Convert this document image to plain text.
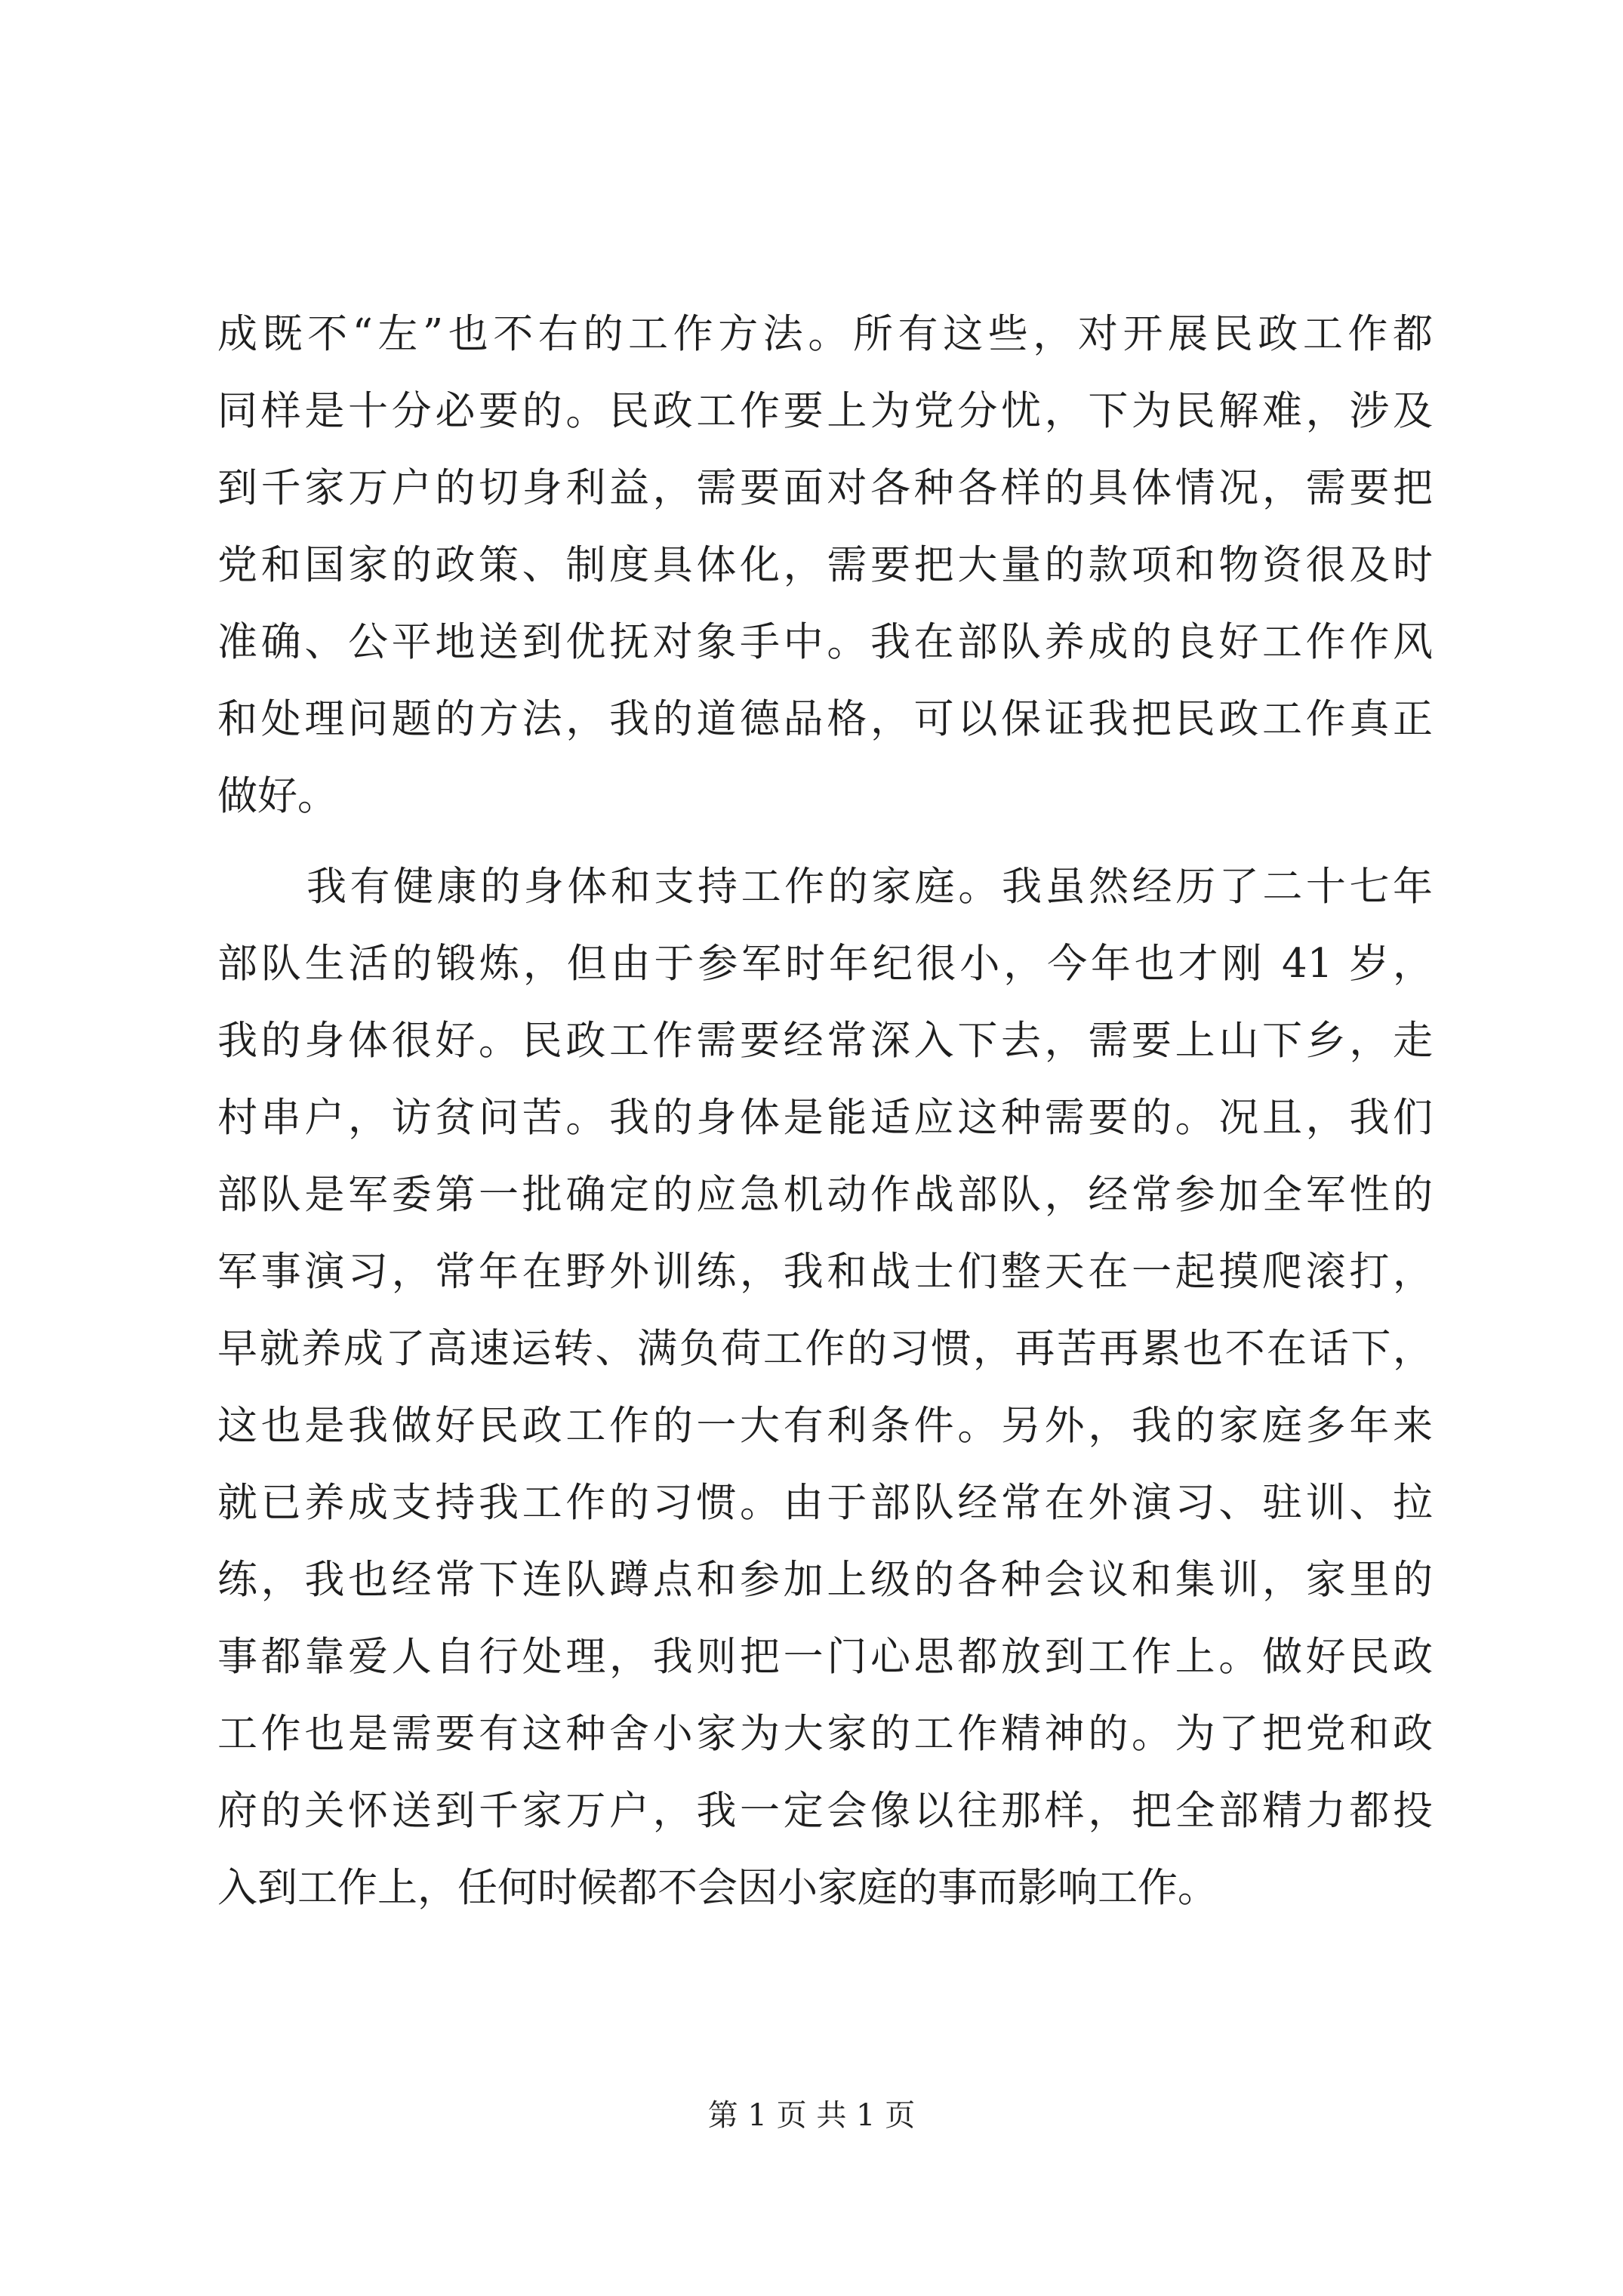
成既不“左”也不右的工作方法。所有这些，对开展民政工作都
同样是十分必要的。民政工作要上为党分忧，下为民解难，涉及
到千家万户的切身利益，需要面对各种各样的具体情况，需要把
党和国家的政策、制度具体化，需要把大量的款项和物资很及时
准确、公平地送到优抚对象手中。我在部队养成的良好工作作风
和处理问题的方法，我的道德品格，可以保证我把民政工作真正
做好。
我有健康的身体和支持工作的家庭。我虽然经历了二十七年
部队生活的锻炼，但由于参军时年纪很小，今年也才刚 41 岁，
我的身体很好。民政工作需要经常深入下去，需要上山下乡，走
村串户，访贫问苦。我的身体是能适应这种需要的。况且，我们
部队是军委第一批确定的应急机动作战部队，经常参加全军性的
军事演习，常年在野外训练，我和战士们整天在一起摸爬滚打，
早就养成了高速运转、满负荷工作的习惯，再苦再累也不在话下，
这也是我做好民政工作的一大有利条件。另外，我的家庭多年来
就已养成支持我工作的习惯。由于部队经常在外演习、驻训、拉
练，我也经常下连队蹲点和参加上级的各种会议和集训，家里的
事都靠爱人自行处理，我则把一门心思都放到工作上。做好民政
工作也是需要有这种舍小家为大家的工作精神的。为了把党和政
府的关怀送到千家万户，我一定会像以往那样，把全部精力都投
入到工作上，任何时候都不会因小家庭的事而影响工作。
第 1 页 共 1 页
